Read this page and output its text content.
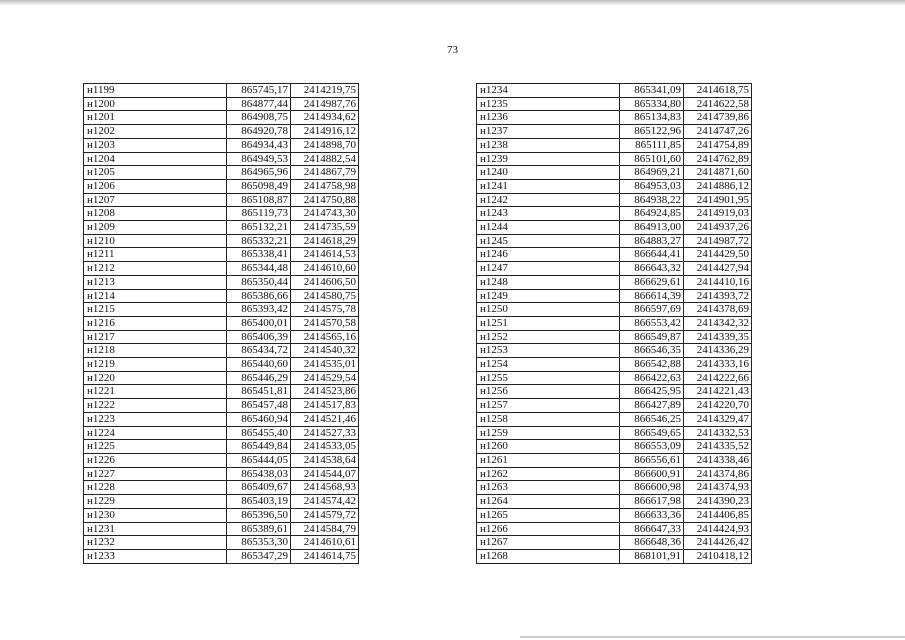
73
н1199	865745,17	2414219,75
н1200	864877,44	2414987,76
н1201	864908,75	2414934,62
н1202	864920,78	2414916,12
н1203	864934,43	2414898,70
н1204	864949,53	2414882,54
н1205	864965,96	2414867,79
н1206	865098,49	2414758,98
н1207	865108,87	2414750,88
н1208	865119,73	2414743,30
н1209	865132,21	2414735,59
н1210	865332,21	2414618,29
н1211	865338,41	2414614,53
н1212	865344,48	2414610,60
н1213	865350,44	2414606,50
н1214	865386,66	2414580,75
н1215	865393,42	2414575,78
н1216	865400,01	2414570,58
н1217	865406,39	2414565,16
н1218	865434,72	2414540,32
н1219	865440,60	2414535,01
н1220	865446,29	2414529,54
н1221	865451,81	2414523,86
н1222	865457,48	2414517,83
н1223	865460,94	2414521,46
н1224	865455,40	2414527,33
н1225	865449,84	2414533,05
н1226	865444,05	2414538,64
н1227	865438,03	2414544,07
н1228	865409,67	2414568,93
н1229	865403,19	2414574,42
н1230	865396,50	2414579,72
н1231	865389,61	2414584,79
н1232	865353,30	2414610,61
н1233	865347,29	2414614,75
н1234	865341,09	2414618,75
н1235	865334,80	2414622,58
н1236	865134,83	2414739,86
н1237	865122,96	2414747,26
н1238	865111,85	2414754,89
н1239	865101,60	2414762,89
н1240	864969,21	2414871,60
н1241	864953,03	2414886,12
н1242	864938,22	2414901,95
н1243	864924,85	2414919,03
н1244	864913,00	2414937,26
н1245	864883,27	2414987,72
н1246	866644,41	2414429,50
н1247	866643,32	2414427,94
н1248	866629,61	2414410,16
н1249	866614,39	2414393,72
н1250	866597,69	2414378,69
н1251	866553,42	2414342,32
н1252	866549,87	2414339,35
н1253	866546,35	2414336,29
н1254	866542,88	2414333,16
н1255	866422,63	2414222,66
н1256	866425,95	2414221,43
н1257	866427,89	2414220,70
н1258	866546,25	2414329,47
н1259	866549,65	2414332,53
н1260	866553,09	2414335,52
н1261	866556,61	2414338,46
н1262	866600,91	2414374,86
н1263	866600,98	2414374,93
н1264	866617,98	2414390,23
н1265	866633,36	2414406,85
н1266	866647,33	2414424,93
н1267	866648,36	2414426,42
н1268	868101,91	2410418,12
